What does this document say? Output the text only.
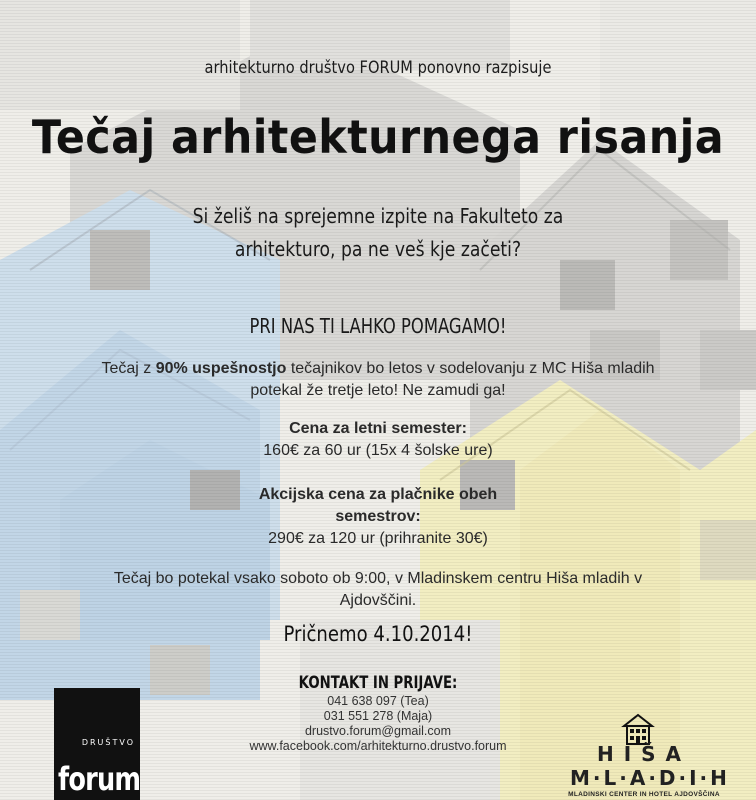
arhitekturno društvo FORUM ponovno razpisuje
Tečaj arhitekturnega risanja
Si želiš na sprejemne izpite na Fakulteto za
arhitekturo, pa ne veš kje začeti?
PRI NAS TI LAHKO POMAGAMO!
Tečaj z 90% uspešnostjo tečajnikov bo letos v sodelovanju z MC Hiša mladih
potekal že tretje leto! Ne zamudi ga!
Cena za letni semester:
160€ za 60 ur (15x 4 šolske ure)
Akcijska cena za plačnike obeh
semestrov:
290€ za 120 ur (prihranite 30€)
Tečaj bo potekal vsako soboto ob 9:00, v Mladinskem centru Hiša mladih v
Ajdovščini.
Pričnemo 4.10.2014!
KONTAKT IN PRIJAVE:
041 638 097 (Tea)
031 551 278 (Maja)
drustvo.forum@gmail.com
www.facebook.com/arhitekturno.drustvo.forum
DRUŠTVO
forum
HIŠA
M·L·A·D·I·H
MLADINSKI CENTER IN HOTEL AJDOVŠČINA
